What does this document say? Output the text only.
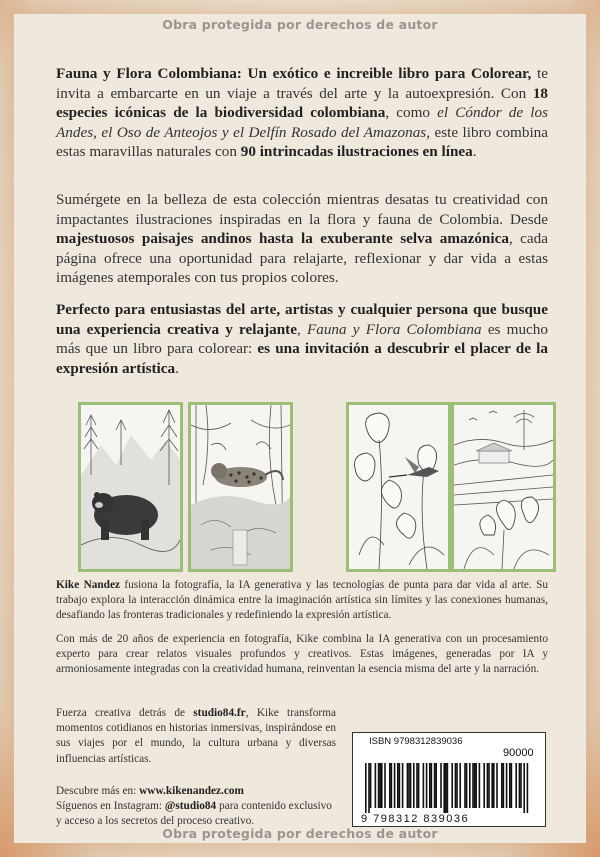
Obra protegida por derechos de autor
Fauna y Flora Colombiana: Un exótico e increible libro para Colorear, te invita a embarcarte en un viaje a través del arte y la autoexpresión. Con 18 especies icónicas de la biodiversidad colombiana, como el Cóndor de los Andes, el Oso de Anteojos y el Delfín Rosado del Amazonas, este libro combina estas maravillas naturales con 90 intrincadas ilustraciones en línea.
Sumérgete en la belleza de esta colección mientras desatas tu creatividad con impactantes ilustraciones inspiradas en la flora y fauna de Colombia. Desde majestuosos paisajes andinos hasta la exuberante selva amazónica, cada página ofrece una oportunidad para relajarte, reflexionar y dar vida a estas imágenes atemporales con tus propios colores.
Perfecto para entusiastas del arte, artistas y cualquier persona que busque una experiencia creativa y relajante, Fauna y Flora Colombiana es mucho más que un libro para colorear: es una invitación a descubrir el placer de la expresión artística.
Kike Nandez fusiona la fotografía, la IA generativa y las tecnologías de punta para dar vida al arte. Su trabajo explora la interacción dinámica entre la imaginación artística sin límites y las conexiones humanas, desafiando las fronteras tradicionales y redefiniendo la expresión artística.
Con más de 20 años de experiencia en fotografía, Kike combina la IA generativa con un procesamiento experto para crear relatos visuales profundos y creativos. Estas imágenes, generadas por IA y armoniosamente integradas con la creatividad humana, reinventan la esencia misma del arte y la narración.
Fuerza creativa detrás de studio84.fr, Kike transforma momentos cotidianos en historias inmersivas, inspirándose en sus viajes por el mundo, la cultura urbana y diversas influencias artísticas.
Descubre más en: www.kikenandez.com
Síguenos en Instagram: @studio84 para contenido exclusivo y acceso a los secretos del proceso creativo.
ISBN 9798312839036
90000
9 798312 839036
Obra protegida por derechos de autor
